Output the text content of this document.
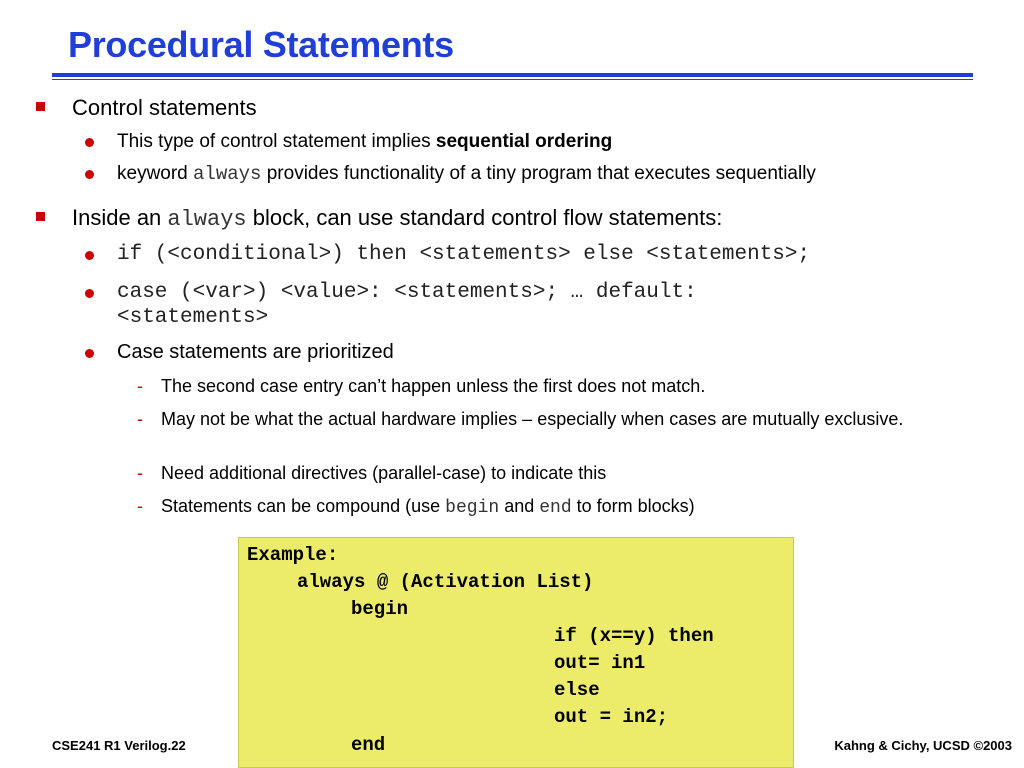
Procedural Statements
Control statements
This type of control statement implies sequential ordering
keyword always provides functionality of a tiny program that executes sequentially
Inside an always block, can use standard control flow statements:
if (<conditional>) then <statements> else <statements>;
case (<var>) <value>: <statements>; … default:
<statements>
Case statements are prioritized
- The second case entry can’t happen unless the first does not match.
- May not be what the actual hardware implies – especially when cases are mutually exclusive.
- Need additional directives (parallel-case) to indicate this
- Statements can be compound (use begin and end to form blocks)
Example:
always @ (Activation List)
begin
if (x==y) then
out= in1
else
out = in2;
end
CSE241 R1 Verilog.22	Kahng & Cichy, UCSD ©2003
